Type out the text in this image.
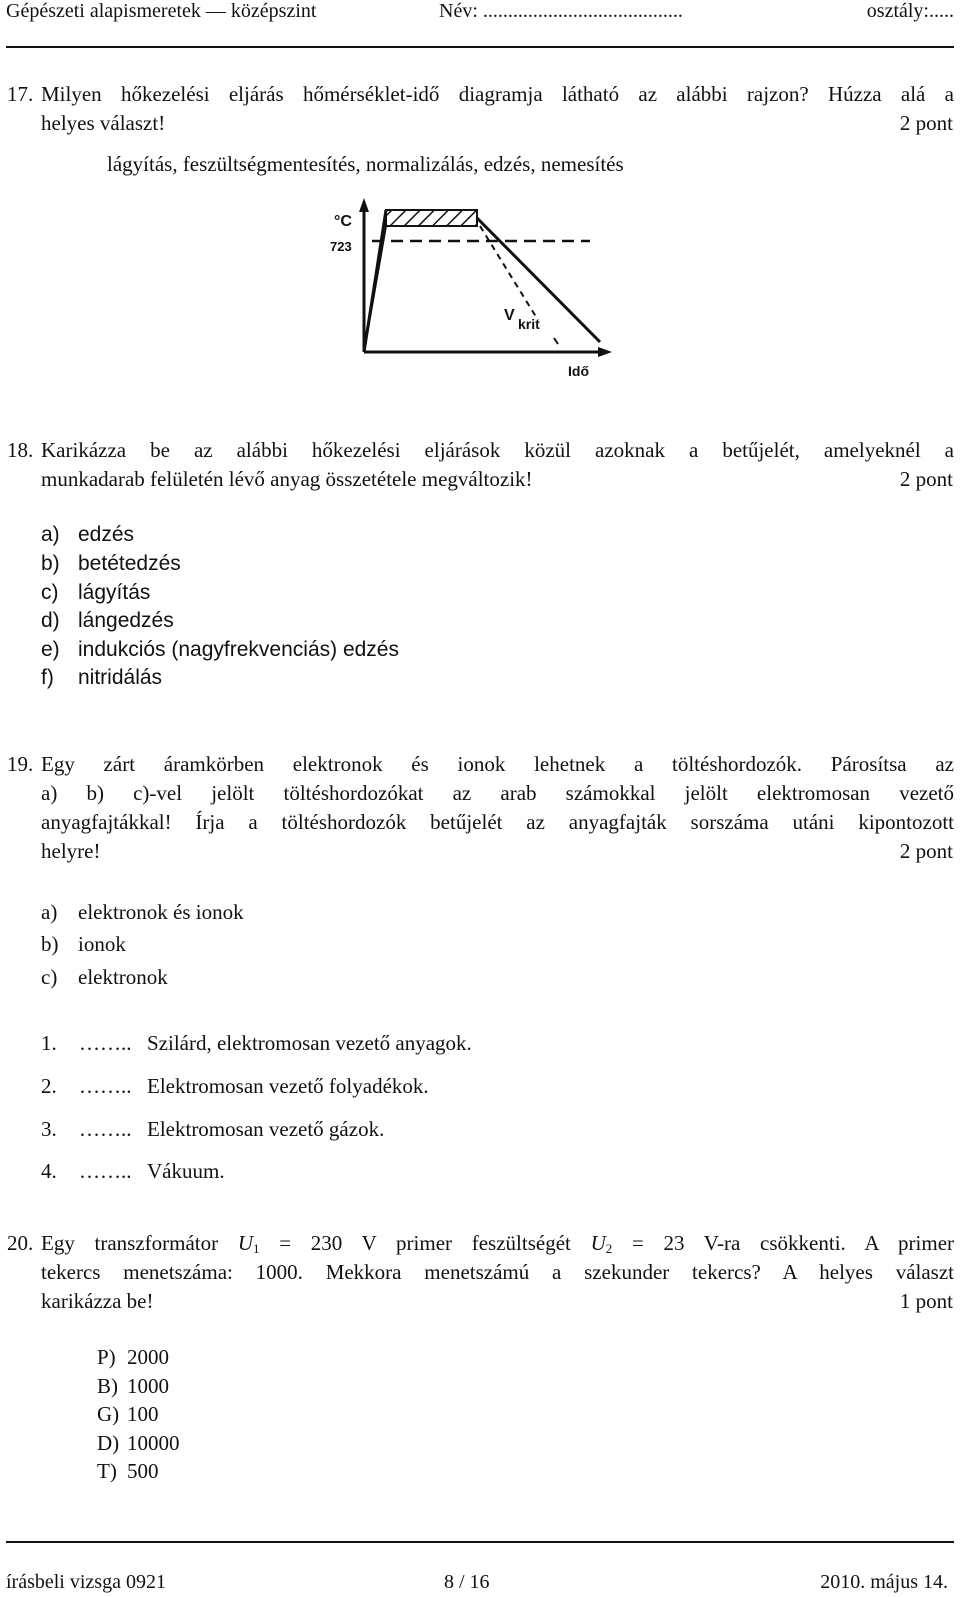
Gépészeti alapismeretek — középszint	Név: ........................................	osztály:.....
17. Milyen hőkezelési eljárás hőmérséklet-idő diagramja látható az alábbi rajzon? Húzza alá a
helyes választ!	2 pont
lágyítás, feszültségmentesítés, normalizálás, edzés, nemesítés
°C
723
Idő
V krit
18. Karikázza be az alábbi hőkezelési eljárások közül azoknak a betűjelét, amelyeknél a
munkadarab felületén lévő anyag összetétele megváltozik!	2 pont
a) edzés
b) betétedzés
c) lágyítás
d) lángedzés
e) indukciós (nagyfrekvenciás) edzés
f) nitridálás
19. Egy zárt áramkörben elektronok és ionok lehetnek a töltéshordozók. Párosítsa az
a) b) c)-vel jelölt töltéshordozókat az arab számokkal jelölt elektromosan vezető
anyagfajtákkal! Írja a töltéshordozók betűjelét az anyagfajták sorszáma utáni kipontozott
helyre!	2 pont
a) elektronok és ionok
b) ionok
c) elektronok
1. …….. Szilárd, elektromosan vezető anyagok.
2. …….. Elektromosan vezető folyadékok.
3. …….. Elektromosan vezető gázok.
4. …….. Vákuum.
20. Egy transzformátor $U_1 = 230$ V primer feszültségét $U_2 = 23$ V-ra csökkenti. A primer
tekercs menetszáma: 1000. Mekkora menetszámú a szekunder tekercs? A helyes választ
karikázza be!	1 pont
P) 2000
B) 1000
G) 100
D) 10000
T) 500
írásbeli vizsga 0921	8 / 16	2010. május 14.
